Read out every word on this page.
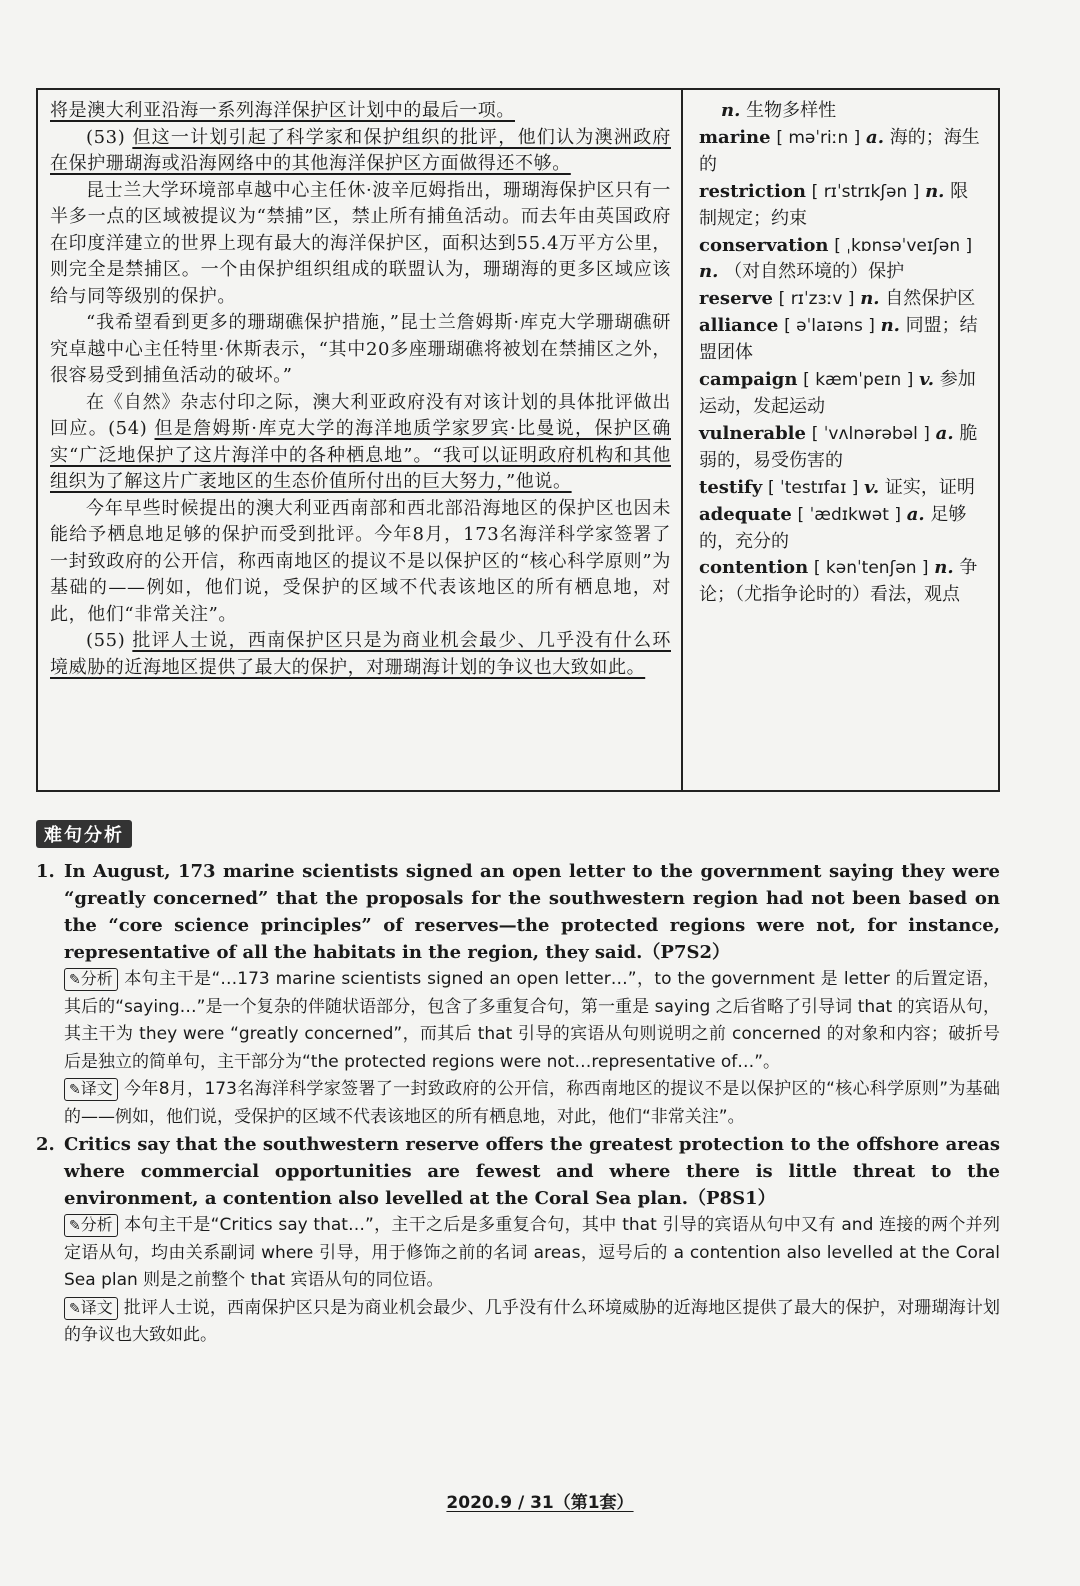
将是澳大利亚沿海一系列海洋保护区计划中的最后一项。

(53) 但这一计划引起了科学家和保护组织的批评，他们认为澳洲政府在保护珊瑚海或沿海网络中的其他海洋保护区方面做得还不够。

昆士兰大学环境部卓越中心主任休·波辛厄姆指出，珊瑚海保护区只有一半多一点的区域被提议为“禁捕”区，禁止所有捕鱼活动。而去年由英国政府在印度洋建立的世界上现有最大的海洋保护区，面积达到55.4万平方公里，则完全是禁捕区。一个由保护组织组成的联盟认为，珊瑚海的更多区域应该给与同等级别的保护。

“我希望看到更多的珊瑚礁保护措施，”昆士兰詹姆斯·库克大学珊瑚礁研究卓越中心主任特里·休斯表示，“其中20多座珊瑚礁将被划在禁捕区之外，很容易受到捕鱼活动的破坏。”

在《自然》杂志付印之际，澳大利亚政府没有对该计划的具体批评做出回应。(54) 但是詹姆斯·库克大学的海洋地质学家罗宾·比曼说，保护区确实“广泛地保护了这片海洋中的各种栖息地”。“我可以证明政府机构和其他组织为了解这片广袤地区的生态价值所付出的巨大努力，”他说。

今年早些时候提出的澳大利亚西南部和西北部沿海地区的保护区也因未能给予栖息地足够的保护而受到批评。今年8月，173名海洋科学家签署了一封致政府的公开信，称西南地区的提议不是以保护区的“核心科学原则”为基础的——例如，他们说，受保护的区域不代表该地区的所有栖息地，对此，他们“非常关注”。

(55) 批评人士说，西南保护区只是为商业机会最少、几乎没有什么环境威胁的近海地区提供了最大的保护，对珊瑚海计划的争议也大致如此。

n. 生物多样性

marine [ məˈriːn ] a. 海的；海生的

restriction [ rɪˈstrɪkʃən ] n. 限制规定；约束

conservation [ ˌkɒnsəˈveɪʃən ] n. （对自然环境的）保护

reserve [ rɪˈzɜːv ] n. 自然保护区

alliance [ əˈlaɪəns ] n. 同盟；结盟团体

campaign [ kæmˈpeɪn ] v. 参加运动，发起运动

vulnerable [ ˈvʌlnərəbəl ] a. 脆弱的，易受伤害的

testify [ ˈtestɪfaɪ ] v. 证实，证明

adequate [ ˈædɪkwət ] a. 足够的，充分的

contention [ kənˈtenʃən ] n. 争论；（尤指争论时的）看法，观点

难句分析

1. In August, 173 marine scientists signed an open letter to the government saying they were “greatly concerned” that the proposals for the southwestern region had not been based on the “core science principles” of reserves—the protected regions were not, for instance, representative of all the habitats in the region, they said.（P7S2）

✎分析 本句主干是“…173 marine scientists signed an open letter…”，to the government 是 letter 的后置定语，其后的“saying…”是一个复杂的伴随状语部分，包含了多重复合句，第一重是 saying 之后省略了引导词 that 的宾语从句，其主干为 they were “greatly concerned”，而其后 that 引导的宾语从句则说明之前 concerned 的对象和内容；破折号后是独立的简单句，主干部分为“the protected regions were not…representative of…”。

✎译文 今年8月，173名海洋科学家签署了一封致政府的公开信，称西南地区的提议不是以保护区的“核心科学原则”为基础的——例如，他们说，受保护的区域不代表该地区的所有栖息地，对此，他们“非常关注”。

2. Critics say that the southwestern reserve offers the greatest protection to the offshore areas where commercial opportunities are fewest and where there is little threat to the environment, a contention also levelled at the Coral Sea plan.（P8S1）

✎分析 本句主干是“Critics say that…”，主干之后是多重复合句，其中 that 引导的宾语从句中又有 and 连接的两个并列定语从句，均由关系副词 where 引导，用于修饰之前的名词 areas，逗号后的 a contention also levelled at the Coral Sea plan 则是之前整个 that 宾语从句的同位语。

✎译文 批评人士说，西南保护区只是为商业机会最少、几乎没有什么环境威胁的近海地区提供了最大的保护，对珊瑚海计划的争议也大致如此。

2020.9 / 31（第1套）
